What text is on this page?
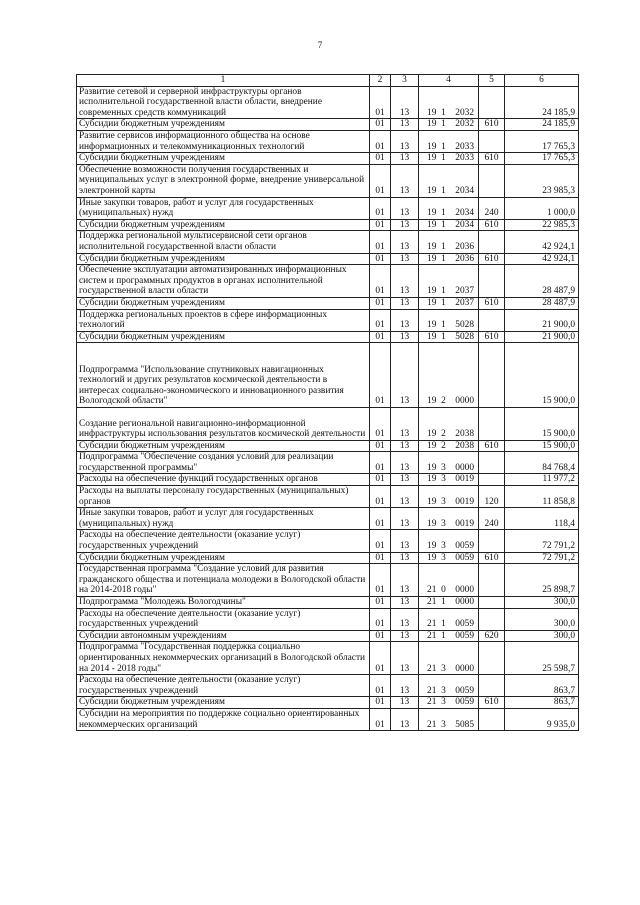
7
1	2	3	4	5	6
Развитие сетевой и серверной инфраструктуры органов исполнительной государственной власти области, внедрение современных средств коммуникаций	01	13	19 1 2032		24 185,9
Субсидии бюджетным учреждениям	01	13	19 1 2032	610	24 185,9
Развитие сервисов информационного общества на основе информационных и телекоммуникационных технологий	01	13	19 1 2033		17 765,3
Субсидии бюджетным учреждениям	01	13	19 1 2033	610	17 765,3
Обеспечение возможности получения государственных и муниципальных услуг в электронной форме, внедрение универсальной электронной карты	01	13	19 1 2034		23 985,3
Иные закупки товаров, работ и услуг для государственных (муниципальных) нужд	01	13	19 1 2034	240	1 000,0
Субсидии бюджетным учреждениям	01	13	19 1 2034	610	22 985,3
Поддержка региональной мультисервисной сети органов исполнительной государственной власти области	01	13	19 1 2036		42 924,1
Субсидии бюджетным учреждениям	01	13	19 1 2036	610	42 924,1
Обеспечение эксплуатации автоматизированных информационных систем и программных продуктов в органах исполнительной государственной власти области	01	13	19 1 2037		28 487,9
Субсидии бюджетным учреждениям	01	13	19 1 2037	610	28 487,9
Поддержка региональных проектов в сфере информационных технологий	01	13	19 1 5028		21 900,0
Субсидии бюджетным учреждениям	01	13	19 1 5028	610	21 900,0
Подпрограмма "Использование спутниковых навигационных технологий и других результатов космической деятельности в интересах социально-экономического и инновационного развития Вологодской области"	01	13	19 2 0000		15 900,0
Создание региональной навигационно-информационной инфраструктуры использования результатов космической деятельности	01	13	19 2 2038		15 900,0
Субсидии бюджетным учреждениям	01	13	19 2 2038	610	15 900,0
Подпрограмма "Обеспечение создания условий для реализации государственной программы"	01	13	19 3 0000		84 768,4
Расходы на обеспечение функций государственных органов	01	13	19 3 0019		11 977,2
Расходы на выплаты персоналу государственных (муниципальных) органов	01	13	19 3 0019	120	11 858,8
Иные закупки товаров, работ и услуг для государственных (муниципальных) нужд	01	13	19 3 0019	240	118,4
Расходы на обеспечение деятельности (оказание услуг) государственных учреждений	01	13	19 3 0059		72 791,2
Субсидии бюджетным учреждениям	01	13	19 3 0059	610	72 791,2
Государственная программа "Создание условий для развития гражданского общества и потенциала молодежи в Вологодской области на 2014-2018 годы"	01	13	21 0 0000		25 898,7
Подпрограмма "Молодежь Вологодчины"	01	13	21 1 0000		300,0
Расходы на обеспечение деятельности (оказание услуг) государственных учреждений	01	13	21 1 0059		300,0
Субсидии автономным учреждениям	01	13	21 1 0059	620	300,0
Подпрограмма "Государственная поддержка социально ориентированных некоммерческих организаций в Вологодской области на 2014 - 2018 годы"	01	13	21 3 0000		25 598,7
Расходы на обеспечение деятельности (оказание услуг) государственных учреждений	01	13	21 3 0059		863,7
Субсидии бюджетным учреждениям	01	13	21 3 0059	610	863,7
Субсидии на мероприятия по поддержке социально ориентированных некоммерческих организаций	01	13	21 3 5085		9 935,0
